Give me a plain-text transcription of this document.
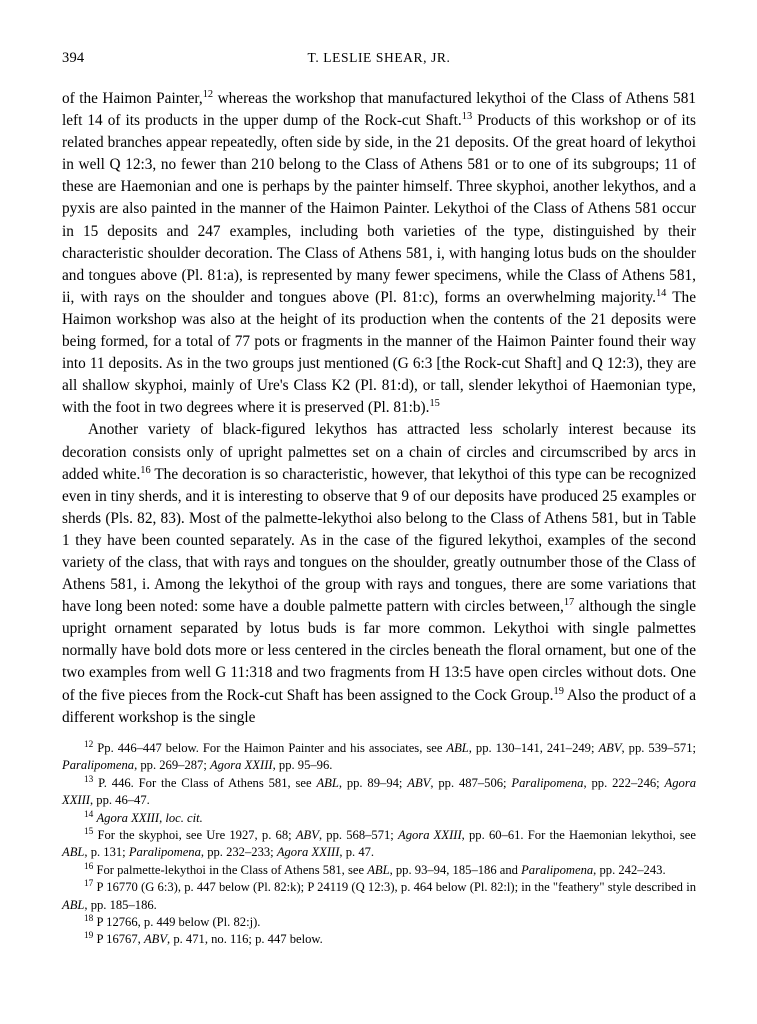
394	T. LESLIE SHEAR, JR.

of the Haimon Painter,$^{12}$ whereas the workshop that manufactured lekythoi of the Class of Athens 581 left 14 of its products in the upper dump of the Rock-cut Shaft.$^{13}$ Products of this workshop or of its related branches appear repeatedly, often side by side, in the 21 deposits. Of the great hoard of lekythoi in well Q 12:3, no fewer than 210 belong to the Class of Athens 581 or to one of its subgroups; 11 of these are Haemonian and one is perhaps by the painter himself. Three skyphoi, another lekythos, and a pyxis are also painted in the manner of the Haimon Painter. Lekythoi of the Class of Athens 581 occur in 15 deposits and 247 examples, including both varieties of the type, distinguished by their characteristic shoulder decoration. The Class of Athens 581, i, with hanging lotus buds on the shoulder and tongues above (Pl. 81:a), is represented by many fewer specimens, while the Class of Athens 581, ii, with rays on the shoulder and tongues above (Pl. 81:c), forms an overwhelming majority.$^{14}$ The Haimon workshop was also at the height of its production when the contents of the 21 deposits were being formed, for a total of 77 pots or fragments in the manner of the Haimon Painter found their way into 11 deposits. As in the two groups just mentioned (G 6:3 [the Rock-cut Shaft] and Q 12:3), they are all shallow skyphoi, mainly of Ure's Class K2 (Pl. 81:d), or tall, slender lekythoi of Haemonian type, with the foot in two degrees where it is preserved (Pl. 81:b).$^{15}$

Another variety of black-figured lekythos has attracted less scholarly interest because its decoration consists only of upright palmettes set on a chain of circles and circumscribed by arcs in added white.$^{16}$ The decoration is so characteristic, however, that lekythoi of this type can be recognized even in tiny sherds, and it is interesting to observe that 9 of our deposits have produced 25 examples or sherds (Pls. 82, 83). Most of the palmette-lekythoi also belong to the Class of Athens 581, but in Table 1 they have been counted separately. As in the case of the figured lekythoi, examples of the second variety of the class, that with rays and tongues on the shoulder, greatly outnumber those of the Class of Athens 581, i. Among the lekythoi of the group with rays and tongues, there are some variations that have long been noted: some have a double palmette pattern with circles between,$^{17}$ although the single upright ornament separated by lotus buds is far more common. Lekythoi with single palmettes normally have bold dots more or less centered in the circles beneath the floral ornament, but one of the two examples from well G 11:318 and two fragments from H 13:5 have open circles without dots. One of the five pieces from the Rock-cut Shaft has been assigned to the Cock Group.$^{19}$ Also the product of a different workshop is the single

$^{12}$ Pp. 446–447 below. For the Haimon Painter and his associates, see ABL, pp. 130–141, 241–249; ABV, pp. 539–571; Paralipomena, pp. 269–287; Agora XXIII, pp. 95–96.

$^{13}$ P. 446. For the Class of Athens 581, see ABL, pp. 89–94; ABV, pp. 487–506; Paralipomena, pp. 222–246; Agora XXIII, pp. 46–47.

$^{14}$ Agora XXIII, loc. cit.

$^{15}$ For the skyphoi, see Ure 1927, p. 68; ABV, pp. 568–571; Agora XXIII, pp. 60–61. For the Haemonian lekythoi, see ABL, p. 131; Paralipomena, pp. 232–233; Agora XXIII, p. 47.

$^{16}$ For palmette-lekythoi in the Class of Athens 581, see ABL, pp. 93–94, 185–186 and Paralipomena, pp. 242–243.

$^{17}$ P 16770 (G 6:3), p. 447 below (Pl. 82:k); P 24119 (Q 12:3), p. 464 below (Pl. 82:l); in the "feathery" style described in ABL, pp. 185–186.

$^{18}$ P 12766, p. 449 below (Pl. 82:j).

$^{19}$ P 16767, ABV, p. 471, no. 116; p. 447 below.
